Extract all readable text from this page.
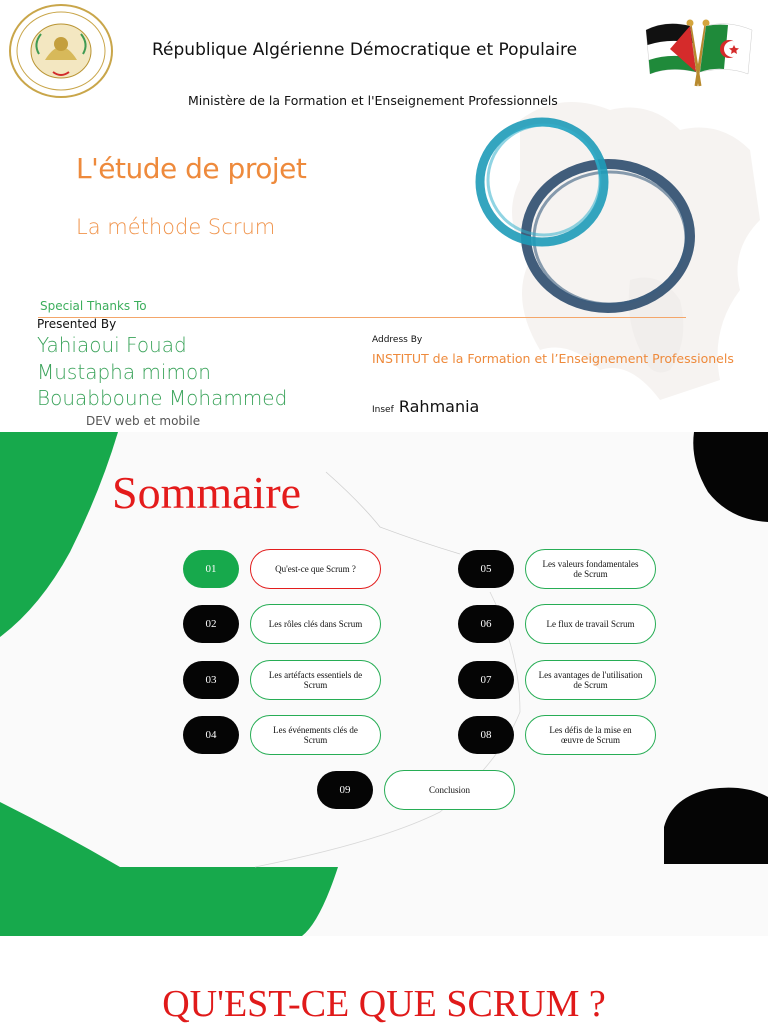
République Algérienne Démocratique et Populaire
Ministère de la Formation et l'Enseignement Professionnels
L'étude de projet
La méthode Scrum
Special Thanks To
Presented By
Yahiaoui Fouad
Mustapha mimon
Bouabboune Mohammed
DEV web et mobile
Address By
INSTITUT de la Formation et l’Enseignement Professionels
Insef Rahmania
Sommaire
01	Qu'est-ce que Scrum ?
02	Les rôles clés dans Scrum
03	Les artéfacts essentiels de Scrum
04	Les événements clés de Scrum
05	Les valeurs fondamentales de Scrum
06	Le flux de travail Scrum
07	Les avantages de l'utilisation de Scrum
08	Les défis de la mise en œuvre de Scrum
09	Conclusion
QU'EST-CE QUE SCRUM ?
